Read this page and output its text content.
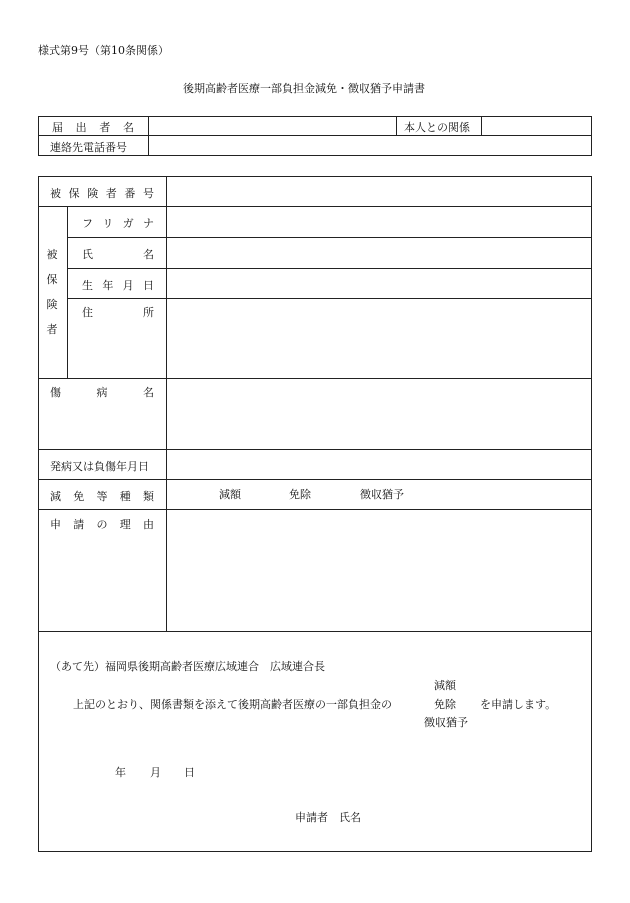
様式第9号（第10条関係）
後期高齢者医療一部負担金減免・徴収猶予申請書
届 出 者 名	本人との関係
連絡先電話番号
被 保 険 者 番 号
被
保
険
者
フ リ ガ ナ
氏	名
生 年 月 日
住	所
傷	病	名
発病又は負傷年月日
減 免 等 種 類	減額	免除	徴収猶予
申 請 の 理 由
（あて先）福岡県後期高齢者医療広域連合　広域連合長
減額
上記のとおり、関係書類を添えて後期高齢者医療の一部負担金の	免除 を申請します。
徴収猶予
年 月 日
申請者　氏名
